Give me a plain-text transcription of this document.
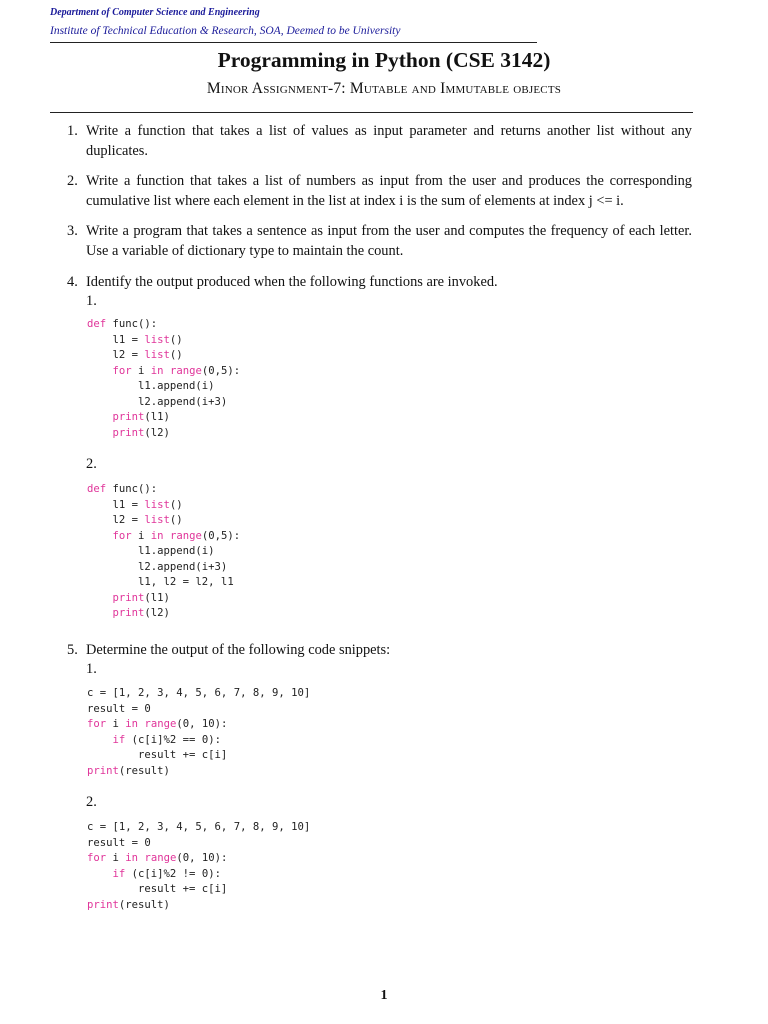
Department of Computer Science and Engineering
Institute of Technical Education & Research, SOA, Deemed to be University
Programming in Python (CSE 3142)
Minor Assignment-7: Mutable and Immutable objects
1. Write a function that takes a list of values as input parameter and returns another list without any duplicates.
2. Write a function that takes a list of numbers as input from the user and produces the corresponding cumulative list where each element in the list at index i is the sum of elements at index j <= i.
3. Write a program that takes a sentence as input from the user and computes the frequency of each letter. Use a variable of dictionary type to maintain the count.
4. Identify the output produced when the following functions are invoked.
1.
def func():
l1 = list()
l2 = list()
for i in range(0,5):
l1.append(i)
l2.append(i+3)
print(l1)
print(l2)
2.
def func():
l1 = list()
l2 = list()
for i in range(0,5):
l1.append(i)
l2.append(i+3)
l1, l2 = l2, l1
print(l1)
print(l2)
5. Determine the output of the following code snippets:
1.
c = [1, 2, 3, 4, 5, 6, 7, 8, 9, 10]
result = 0
for i in range(0, 10):
if (c[i]%2 == 0):
result += c[i]
print(result)
2.
c = [1, 2, 3, 4, 5, 6, 7, 8, 9, 10]
result = 0
for i in range(0, 10):
if (c[i]%2 != 0):
result += c[i]
print(result)
1
